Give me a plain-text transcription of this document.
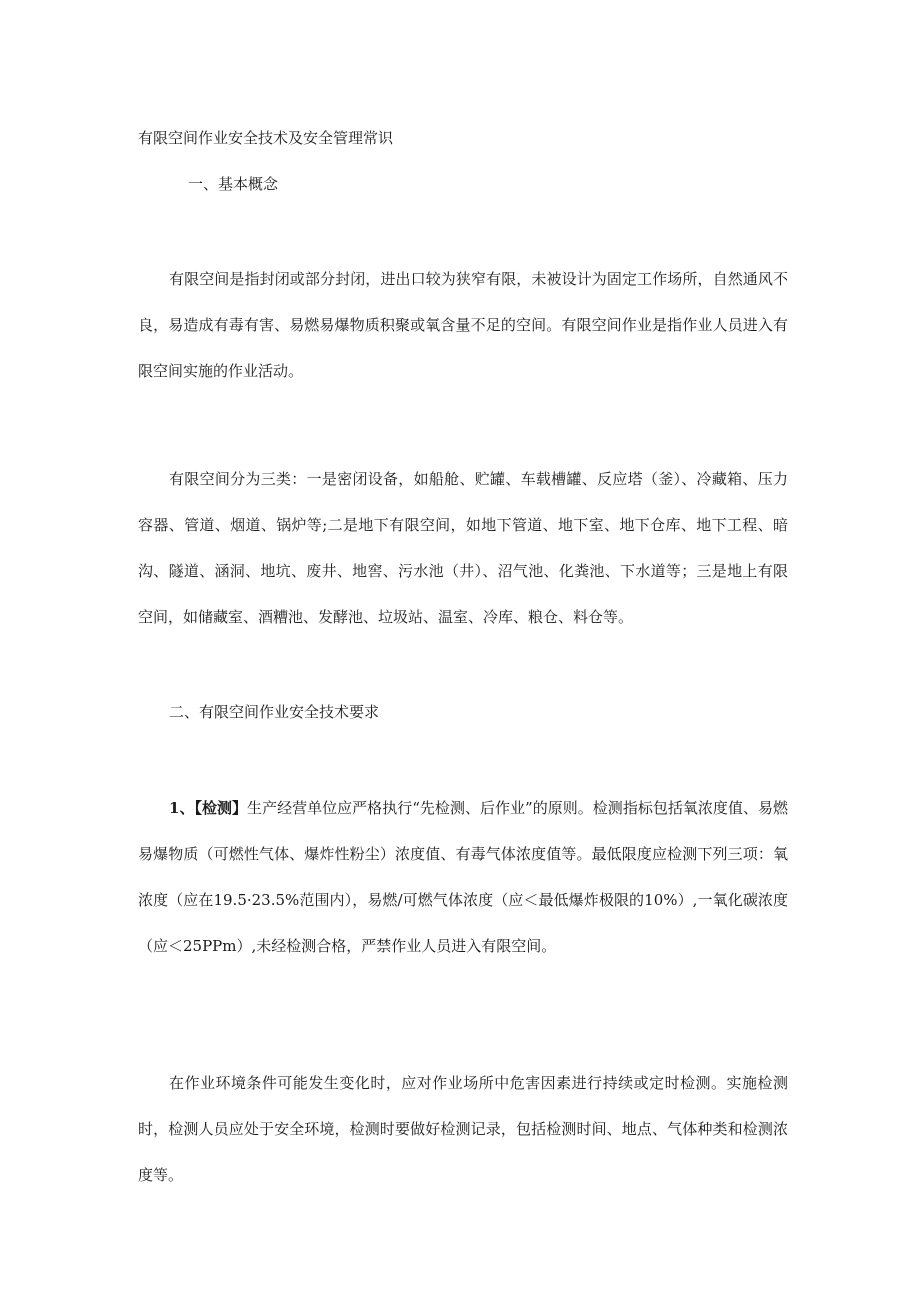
有限空间作业安全技术及安全管理常识
一、基本概念

有限空间是指封闭或部分封闭，进出口较为狭窄有限，未被设计为固定工作场所，自然通风不良，易造成有毒有害、易燃易爆物质积聚或氧含量不足的空间。有限空间作业是指作业人员进入有限空间实施的作业活动。

有限空间分为三类：一是密闭设备，如船舱、贮罐、车载槽罐、反应塔（釜）、冷藏箱、压力容器、管道、烟道、锅炉等;二是地下有限空间，如地下管道、地下室、地下仓库、地下工程、暗沟、隧道、涵洞、地坑、废井、地窖、污水池（井）、沼气池、化粪池、下水道等；三是地上有限空间，如储藏室、酒糟池、发酵池、垃圾站、温室、冷库、粮仓、料仓等。

二、有限空间作业安全技术要求

1、【检测】生产经营单位应严格执行“先检测、后作业”的原则。检测指标包括氧浓度值、易燃易爆物质（可燃性气体、爆炸性粉尘）浓度值、有毒气体浓度值等。最低限度应检测下列三项：氧浓度（应在19.5·23.5%范围内），易燃/可燃气体浓度（应＜最低爆炸极限的10%）,一氧化碳浓度（应＜25PPm）,未经检测合格，严禁作业人员进入有限空间。

在作业环境条件可能发生变化时，应对作业场所中危害因素进行持续或定时检测。实施检测时，检测人员应处于安全环境，检测时要做好检测记录，包括检测时间、地点、气体种类和检测浓度等。
